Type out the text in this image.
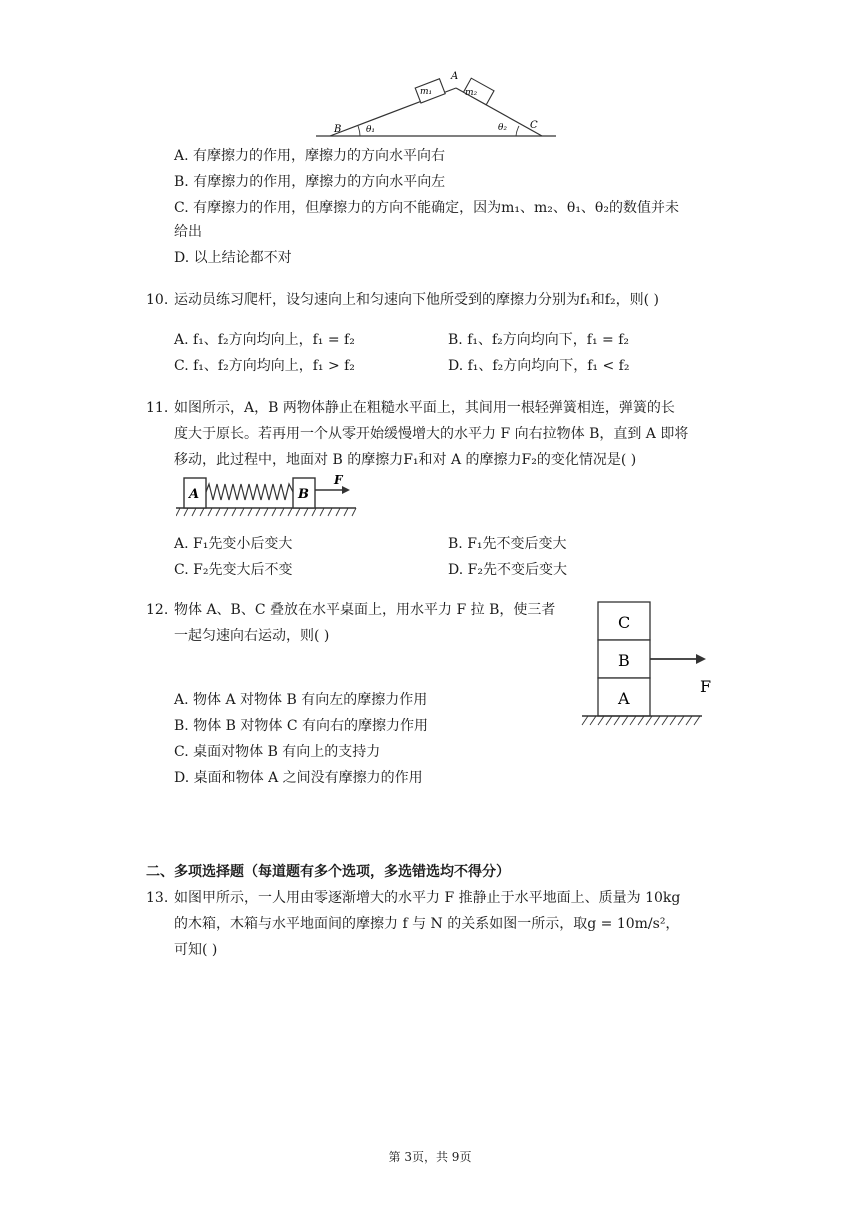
m₁	m₂
A
B	C
θ₁	θ₂
A. 有摩擦力的作用，摩擦力的方向水平向右
B. 有摩擦力的作用，摩擦力的方向水平向左
C. 有摩擦力的作用，但摩擦力的方向不能确定，因为m₁、m₂、θ₁、θ₂的数值并未
给出
D. 以上结论都不对
10. 运动员练习爬杆，设匀速向上和匀速向下他所受到的摩擦力分别为f₁和f₂，则( )
A. f₁、f₂方向均向上，f₁ = f₂	B. f₁、f₂方向均向下，f₁ = f₂
C. f₁、f₂方向均向上，f₁ > f₂	D. f₁、f₂方向均向下，f₁ < f₂
11. 如图所示，A，B 两物体静止在粗糙水平面上，其间用一根轻弹簧相连，弹簧的长
度大于原长。若再用一个从零开始缓慢增大的水平力 F 向右拉物体 B，直到 A 即将
移动，此过程中，地面对 B 的摩擦力F₁和对 A 的摩擦力F₂的变化情况是( )
A	B
F
A. F₁先变小后变大	B. F₁先不变后变大
C. F₂先变大后不变	D. F₂先不变后变大
12. 物体 A、B、C 叠放在水平桌面上，用水平力 F 拉 B，使三者
一起匀速向右运动，则( )
C
B
A
F
A. 物体 A 对物体 B 有向左的摩擦力作用
B. 物体 B 对物体 C 有向右的摩擦力作用
C. 桌面对物体 B 有向上的支持力
D. 桌面和物体 A 之间没有摩擦力的作用
二、多项选择题（每道题有多个选项，多选错选均不得分）
13. 如图甲所示，一人用由零逐渐增大的水平力 F 推静止于水平地面上、质量为 10kg
的木箱，木箱与水平地面间的摩擦力 f 与 N 的关系如图一所示，取g = 10m/s²，
可知( )
第 3页，共 9页
